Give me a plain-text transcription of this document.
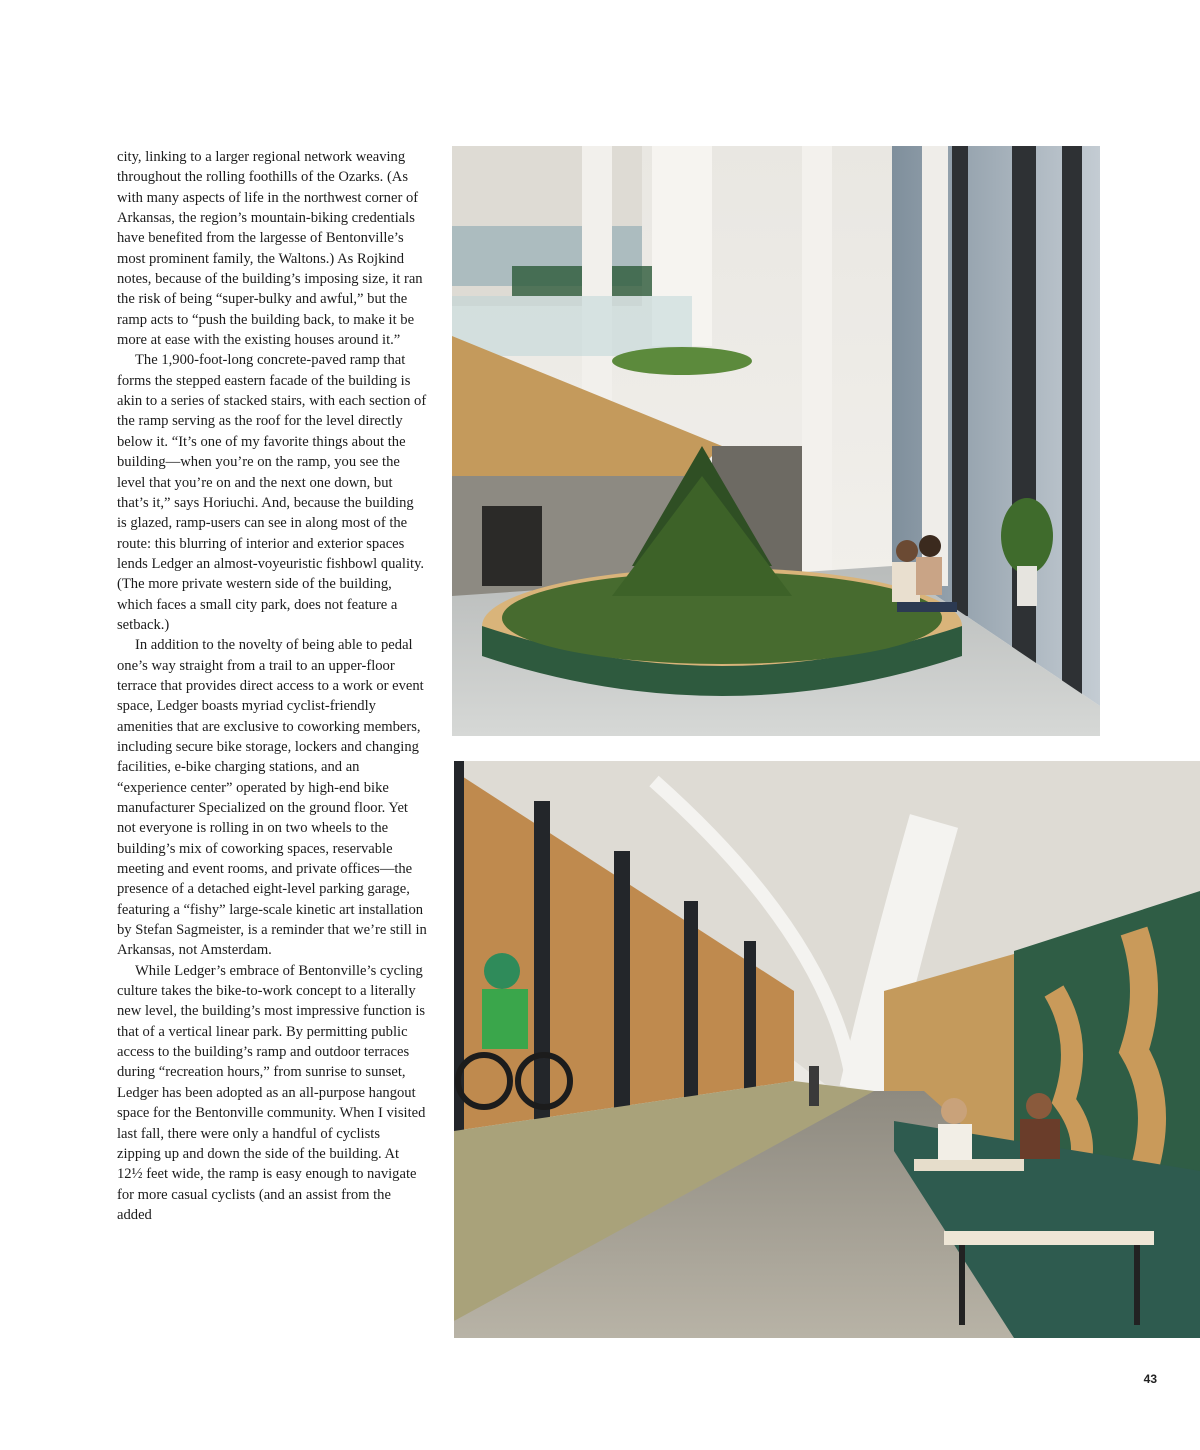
city, linking to a larger regional network weaving throughout the rolling foothills of the Ozarks. (As with many aspects of life in the northwest corner of Arkansas, the region’s mountain-biking credentials have benefited from the largesse of Bentonville’s most prominent family, the Waltons.) As Rojkind notes, because of the building’s imposing size, it ran the risk of being “super-bulky and awful,” but the ramp acts to “push the building back, to make it be more at ease with the existing houses around it.”

The 1,900-foot-long concrete-paved ramp that forms the stepped eastern facade of the building is akin to a series of stacked stairs, with each section of the ramp serving as the roof for the level directly below it. “It’s one of my favorite things about the building—when you’re on the ramp, you see the level that you’re on and the next one down, but that’s it,” says Horiuchi. And, because the building is glazed, ramp-users can see in along most of the route: this blurring of interior and exterior spaces lends Ledger an almost-voyeuristic fishbowl quality. (The more private western side of the building, which faces a small city park, does not feature a setback.)

In addition to the novelty of being able to pedal one’s way straight from a trail to an upper-floor terrace that provides direct access to a work or event space, Ledger boasts myriad cyclist-friendly amenities that are exclusive to coworking members, including secure bike storage, lockers and changing facilities, e-bike charging stations, and an “experience center” operated by high-end bike manufacturer Specialized on the ground floor. Yet not everyone is rolling in on two wheels to the building’s mix of coworking spaces, reservable meeting and event rooms, and private offices—the presence of a detached eight-level parking garage, featuring a “fishy” large-scale kinetic art installation by Stefan Sagmeister, is a reminder that we’re still in Arkansas, not Amsterdam.

While Ledger’s embrace of Bentonville’s cycling culture takes the bike-to-work concept to a literally new level, the building’s most impressive function is that of a vertical linear park. By permitting public access to the building’s ramp and outdoor terraces during “recreation hours,” from sunrise to sunset, Ledger has been adopted as an all-purpose hangout space for the Bentonville community. When I visited last fall, there were only a handful of cyclists zipping up and down the side of the building. At 12½ feet wide, the ramp is easy enough to navigate for more casual cyclists (and an assist from the added

43
